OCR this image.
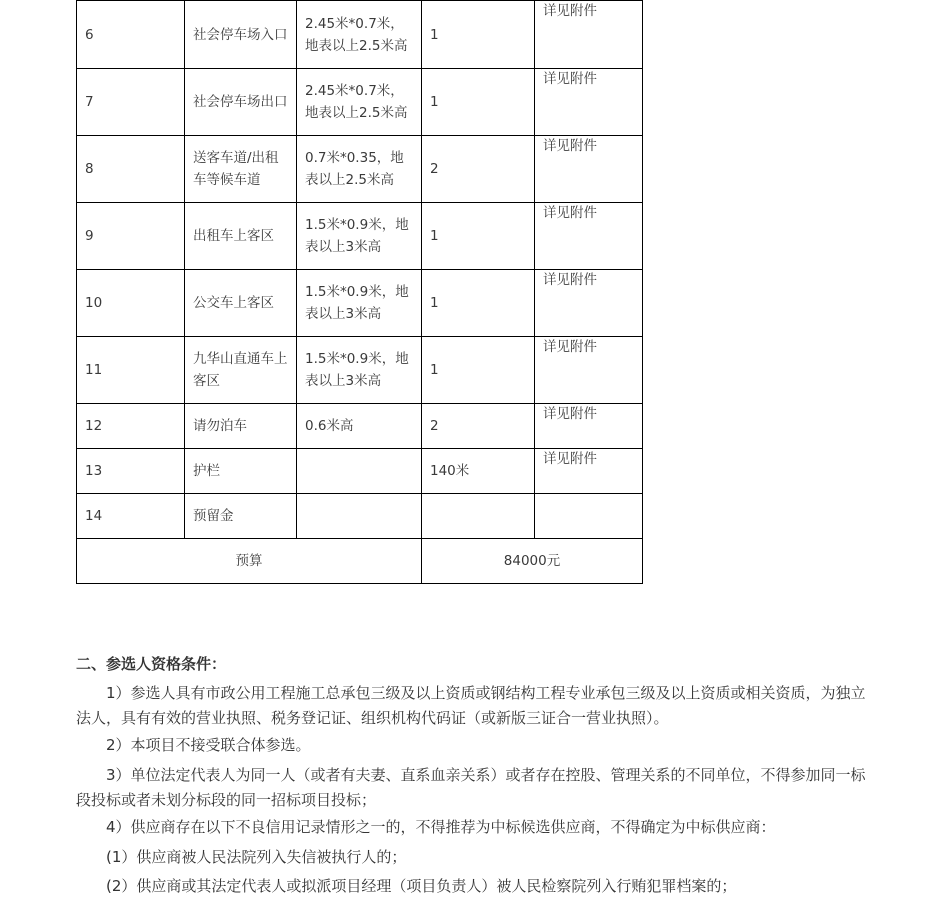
6	社会停车场入口	2.45米*0.7米，地表以上2.5米高	1	详见附件
7	社会停车场出口	2.45米*0.7米，地表以上2.5米高	1	详见附件
8	送客车道/出租车等候车道	0.7米*0.35，地表以上2.5米高	2	详见附件
9	出租车上客区	1.5米*0.9米，地表以上3米高	1	详见附件
10	公交车上客区	1.5米*0.9米，地表以上3米高	1	详见附件
11	九华山直通车上客区	1.5米*0.9米，地表以上3米高	1	详见附件
12	请勿泊车	0.6米高	2	详见附件
13	护栏		140米	详见附件
14	预留金			
预算			84000元	
二、参选人资格条件：
1）参选人具有市政公用工程施工总承包三级及以上资质或钢结构工程专业承包三级及以上资质或相关资质，为独立法人，具有有效的营业执照、税务登记证、组织机构代码证（或新版三证合一营业执照）。
2）本项目不接受联合体参选。
3）单位法定代表人为同一人（或者有夫妻、直系血亲关系）或者存在控股、管理关系的不同单位，不得参加同一标段投标或者未划分标段的同一招标项目投标；
4）供应商存在以下不良信用记录情形之一的，不得推荐为中标候选供应商，不得确定为中标供应商：
(1）供应商被人民法院列入失信被执行人的；
(2）供应商或其法定代表人或拟派项目经理（项目负责人）被人民检察院列入行贿犯罪档案的；
